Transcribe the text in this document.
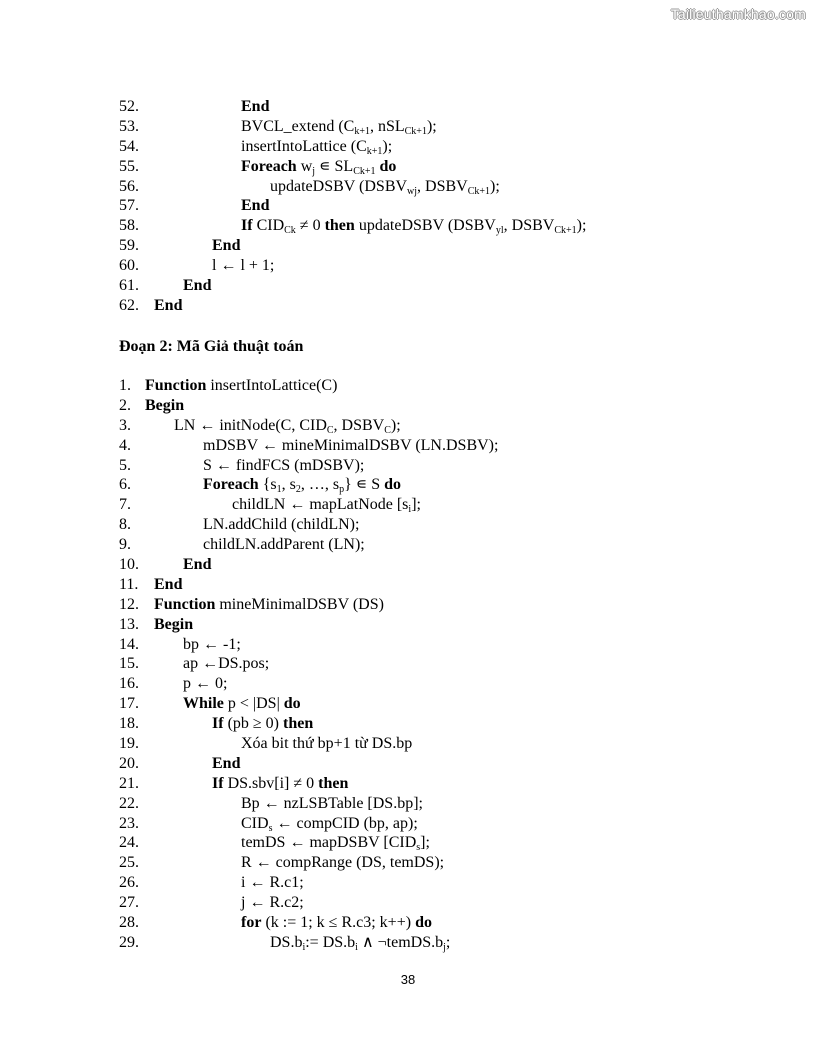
Tailieuthamkhao.com
52.	End
53.	BVCL_extend ($C_{k+1}$, nSL$_{Ck+1}$);
54.	insertIntoLattice $(C_{k+1})$;
55.	Foreach $w_j$ ∊ $SL_{Ck+1}$ do
56.	updateDSBV ($DSBV_{wj}$, $DSBV_{Ck+1}$);
57.	End
58.	If $CID_{Ck} \ne 0$ then updateDSBV ($DSBV_{yl}$, $DSBV_{Ck+1}$);
59.	End
60.	l ← l + 1;
61.	End
62. End
Đoạn 2: Mã Giả thuật toán
1. Function insertIntoLattice(C)
2. Begin
3.	LN ← initNode(C, $CID_C$, $DSBV_C$);
4.	mDSBV ← mineMinimalDSBV (LN.DSBV);
5.	S ← findFCS (mDSBV);
6.	Foreach {$s_1$, $s_2$, …, $s_p$} ∊ S do
7.	childLN ← mapLatNode $[s_i]$;
8.	LN.addChild (childLN);
9.	childLN.addParent (LN);
10.	End
11. End
12. Function mineMinimalDSBV (DS)
13. Begin
14.	bp ← -1;
15.	ap ←DS.pos;
16.	p ← 0;
17.	While p < |DS| do
18.	If (pb ≥ 0) then
19.	Xóa bit thứ bp+1 từ DS.bp
20.	End
21.	If DS.sbv[i] ≠ 0 then
22.	Bp ← nzLSBTable [DS.bp];
23.	$CID_s$ ← compCID (bp, ap);
24.	temDS ← mapDSBV $[CID_s]$;
25.	R ← compRange (DS, temDS);
26.	i ← R.c1;
27.	j ← R.c2;
28.	for (k := 1; k ≤ R.c3; k++) do
29.	$DS.b_i:= DS.b_i$ ∧ $\neg temDS.b_j$;
38
